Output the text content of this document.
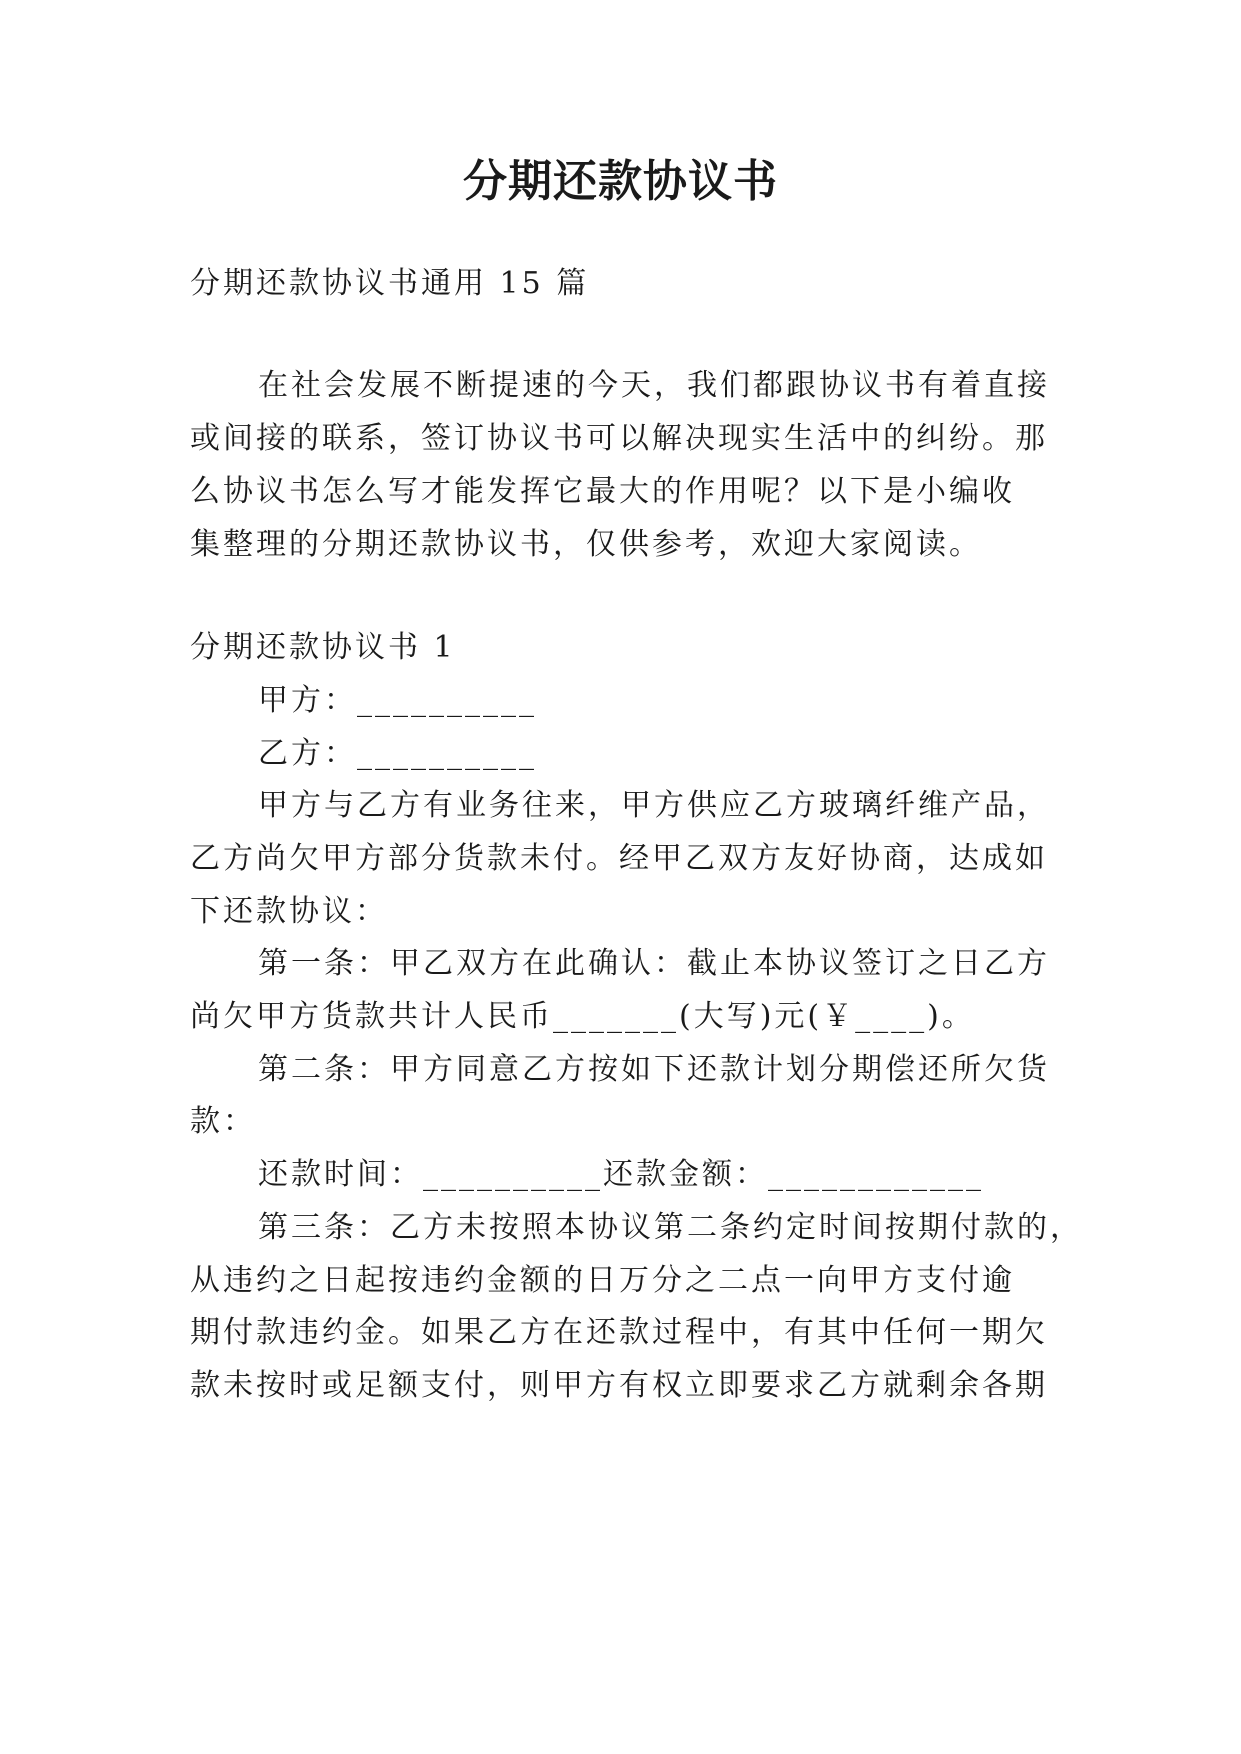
分期还款协议书
分期还款协议书通用 15 篇
在社会发展不断提速的今天，我们都跟协议书有着直接
或间接的联系，签订协议书可以解决现实生活中的纠纷。那
么协议书怎么写才能发挥它最大的作用呢？以下是小编收
集整理的分期还款协议书，仅供参考，欢迎大家阅读。
分期还款协议书 1
甲方：__________
乙方：__________
甲方与乙方有业务往来，甲方供应乙方玻璃纤维产品，
乙方尚欠甲方部分货款未付。经甲乙双方友好协商，达成如
下还款协议：
第一条：甲乙双方在此确认：截止本协议签订之日乙方
尚欠甲方货款共计人民币_______(大写)元(￥____)。
第二条：甲方同意乙方按如下还款计划分期偿还所欠货
款：
还款时间：__________还款金额：____________
第三条：乙方未按照本协议第二条约定时间按期付款的，
从违约之日起按违约金额的日万分之二点一向甲方支付逾
期付款违约金。如果乙方在还款过程中，有其中任何一期欠
款未按时或足额支付，则甲方有权立即要求乙方就剩余各期
